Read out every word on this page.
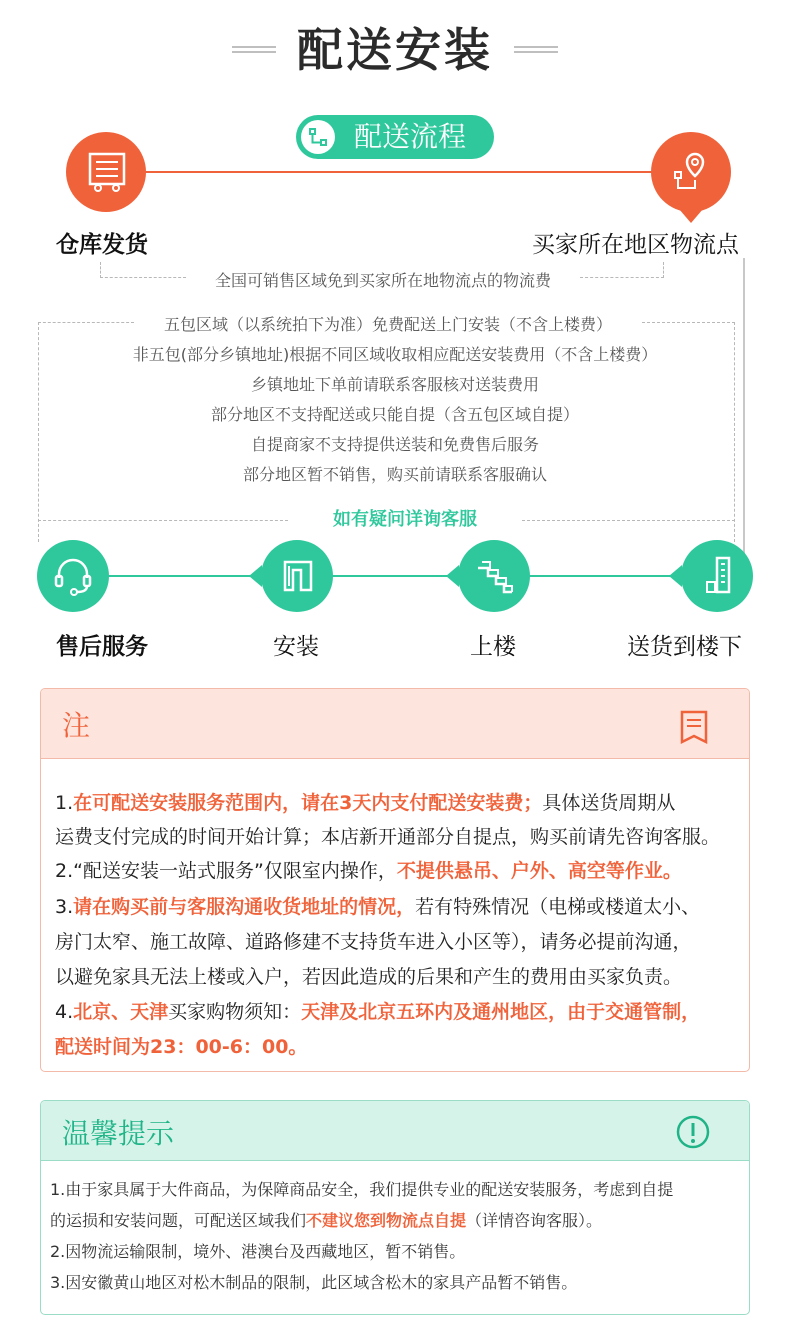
配送安装
配送流程
仓库发货	买家所在地区物流点
全国可销售区域免到买家所在地物流点的物流费
五包区域（以系统拍下为准）免费配送上门安装（不含上楼费）
非五包(部分乡镇地址)根据不同区域收取相应配送安装费用（不含上楼费）
乡镇地址下单前请联系客服核对送装费用
部分地区不支持配送或只能自提（含五包区域自提）
自提商家不支持提供送装和免费售后服务
部分地区暂不销售，购买前请联系客服确认
如有疑问详询客服
售后服务	安装	上楼	送货到楼下
注
1.在可配送安装服务范围内，请在3天内支付配送安装费；具体送货周期从
运费支付完成的时间开始计算；本店新开通部分自提点，购买前请先咨询客服。
2.“配送安装一站式服务”仅限室内操作，不提供悬吊、户外、高空等作业。
3.请在购买前与客服沟通收货地址的情况，若有特殊情况（电梯或楼道太小、
房门太窄、施工故障、道路修建不支持货车进入小区等），请务必提前沟通，
以避免家具无法上楼或入户，若因此造成的后果和产生的费用由买家负责。
4.北京、天津买家购物须知：天津及北京五环内及通州地区，由于交通管制，
配送时间为23：00-6：00。
温馨提示
1.由于家具属于大件商品，为保障商品安全，我们提供专业的配送安装服务，考虑到自提
的运损和安装问题，可配送区域我们不建议您到物流点自提（详情咨询客服）。
2.因物流运输限制，境外、港澳台及西藏地区，暂不销售。
3.因安徽黄山地区对松木制品的限制，此区域含松木的家具产品暂不销售。
